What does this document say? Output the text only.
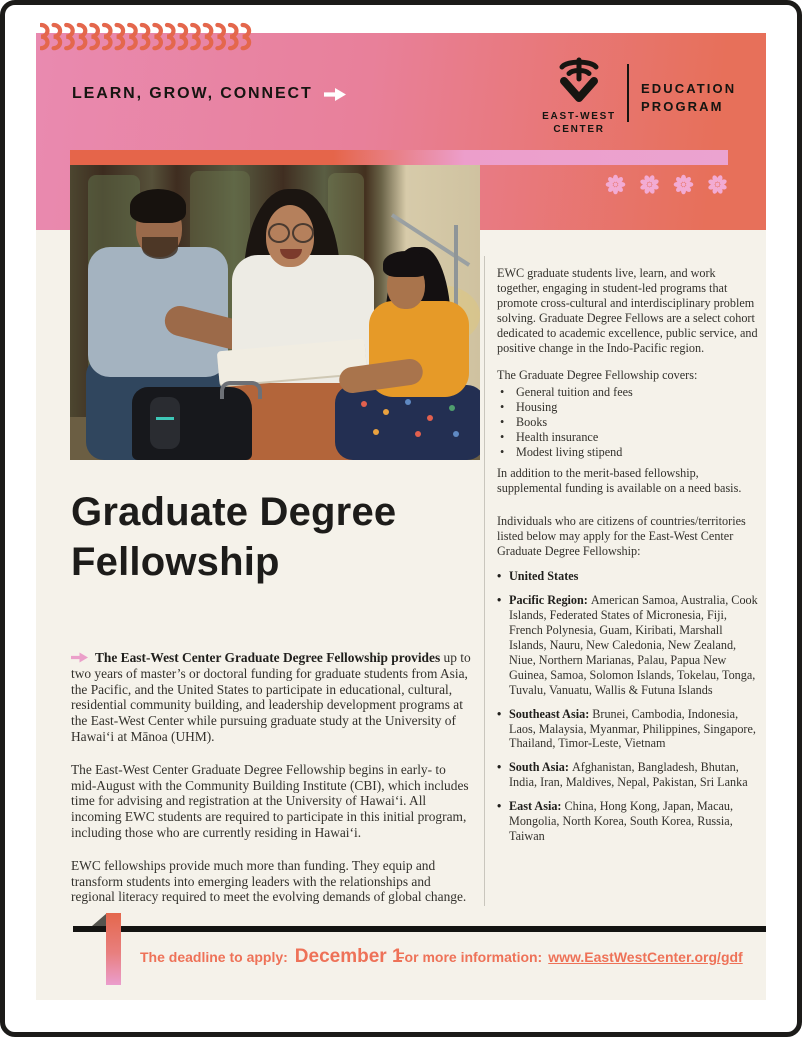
LEARN, GROW, CONNECT
EAST-WEST
CENTER
EDUCATION
PROGRAM
Graduate Degree
Fellowship

The East-West Center Graduate Degree Fellowship provides up to two years of master’s or doctoral funding for graduate students from Asia, the Pacific, and the United States to participate in educational, cultural, residential community building, and leadership development programs at the East-West Center while pursuing graduate study at the University of Hawaiʻi at Mānoa (UHM).

The East-West Center Graduate Degree Fellowship begins in early- to mid-August with the Community Building Institute (CBI), which includes time for advising and registration at the University of Hawaiʻi. All incoming EWC students are required to participate in this initial program, including those who are currently residing in Hawaiʻi.

EWC fellowships provide much more than funding. They equip and transform students into emerging leaders with the relationships and regional literacy required to meet the evolving demands of global change.

EWC graduate students live, learn, and work together, engaging in student-led programs that promote cross-cultural and interdisciplinary problem solving. Graduate Degree Fellows are a select cohort dedicated to academic excellence, public service, and positive change in the Indo-Pacific region.

The Graduate Degree Fellowship covers:

• General tuition and fees
• Housing
• Books
• Health insurance
• Modest living stipend

In addition to the merit-based fellowship, supplemental funding is available on a need basis.

Individuals who are citizens of countries/territories listed below may apply for the East-West Center Graduate Degree Fellowship:

• United States
• Pacific Region: American Samoa, Australia, Cook Islands, Federated States of Micronesia, Fiji, French Polynesia, Guam, Kiribati, Marshall Islands, Nauru, New Caledonia, New Zealand, Niue, Northern Marianas, Palau, Papua New Guinea, Samoa, Solomon Islands, Tokelau, Tonga, Tuvalu, Vanuatu, Wallis & Futuna Islands
• Southeast Asia: Brunei, Cambodia, Indonesia, Laos, Malaysia, Myanmar, Philippines, Singapore, Thailand, Timor-Leste, Vietnam
• South Asia: Afghanistan, Bangladesh, Bhutan, India, Iran, Maldives, Nepal, Pakistan, Sri Lanka
• East Asia: China, Hong Kong, Japan, Macau, Mongolia, North Korea, South Korea, Russia, Taiwan
The deadline to apply: December 1
For more information: www.EastWestCenter.org/gdf
